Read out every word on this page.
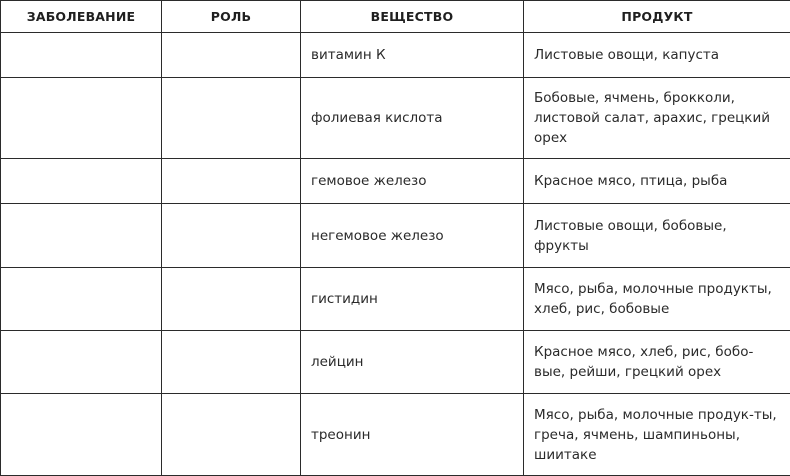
ЗАБОЛЕВАНИЕ	РОЛЬ	ВЕЩЕСТВО	ПРОДУКТ
		витамин К	Листовые овощи, капуста
		фолиевая кислота	Бобовые, ячмень, брокколи, листовой салат, арахис, грецкий орех
		гемовое железо	Красное мясо, птица, рыба
		негемовое железо	Листовые овощи, бобовые, фрукты
		гистидин	Мясо, рыба, молочные продукты, хлеб, рис, бобовые
		лейцин	Красное мясо, хлеб, рис, бобо-вые, рейши, грецкий орех
		треонин	Мясо, рыба, молочные продук-ты, греча, ячмень, шампиньоны, шиитаке
